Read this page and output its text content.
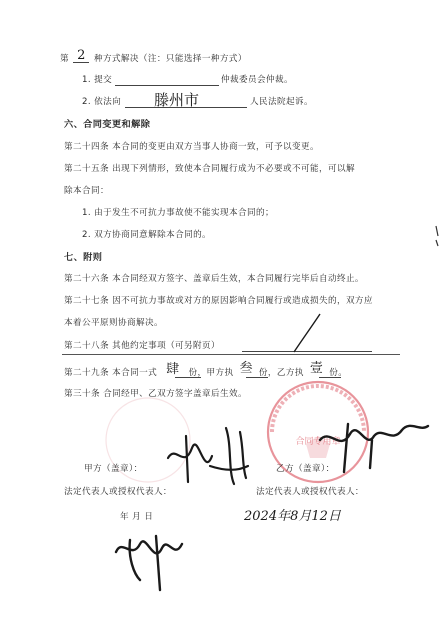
第 2 种方式解决（注：只能选择一种方式）
1. 提交	仲裁委员会仲裁。
2. 依法向 滕州市	人民法院起诉。
六、合同变更和解除
第二十四条 本合同的变更由双方当事人协商一致，可予以变更。
第二十五条 出现下列情形，致使本合同履行成为不必要或不可能，可以解
除本合同：
1. 由于发生不可抗力事故使不能实现本合同的；
2. 双方协商同意解除本合同的。
七、附则
第二十六条 本合同经双方签字、盖章后生效，本合同履行完毕后自动终止。
第二十七条 因不可抗力事故或对方的原因影响合同履行或造成损失的，双方应
本着公平原则协商解决。
第二十八条 其他约定事项（可另附页）
第二十九条 本合同一式 肆 份，甲方执 叁 份，乙方执 壹 份。
第三十条 合同经甲、乙双方签字盖章后生效。
合同专用章
甲方（盖章）：	乙方（盖章）：
法定代表人或授权代表人：	法定代表人或授权代表人：
年 月 日	2024年8月12日
